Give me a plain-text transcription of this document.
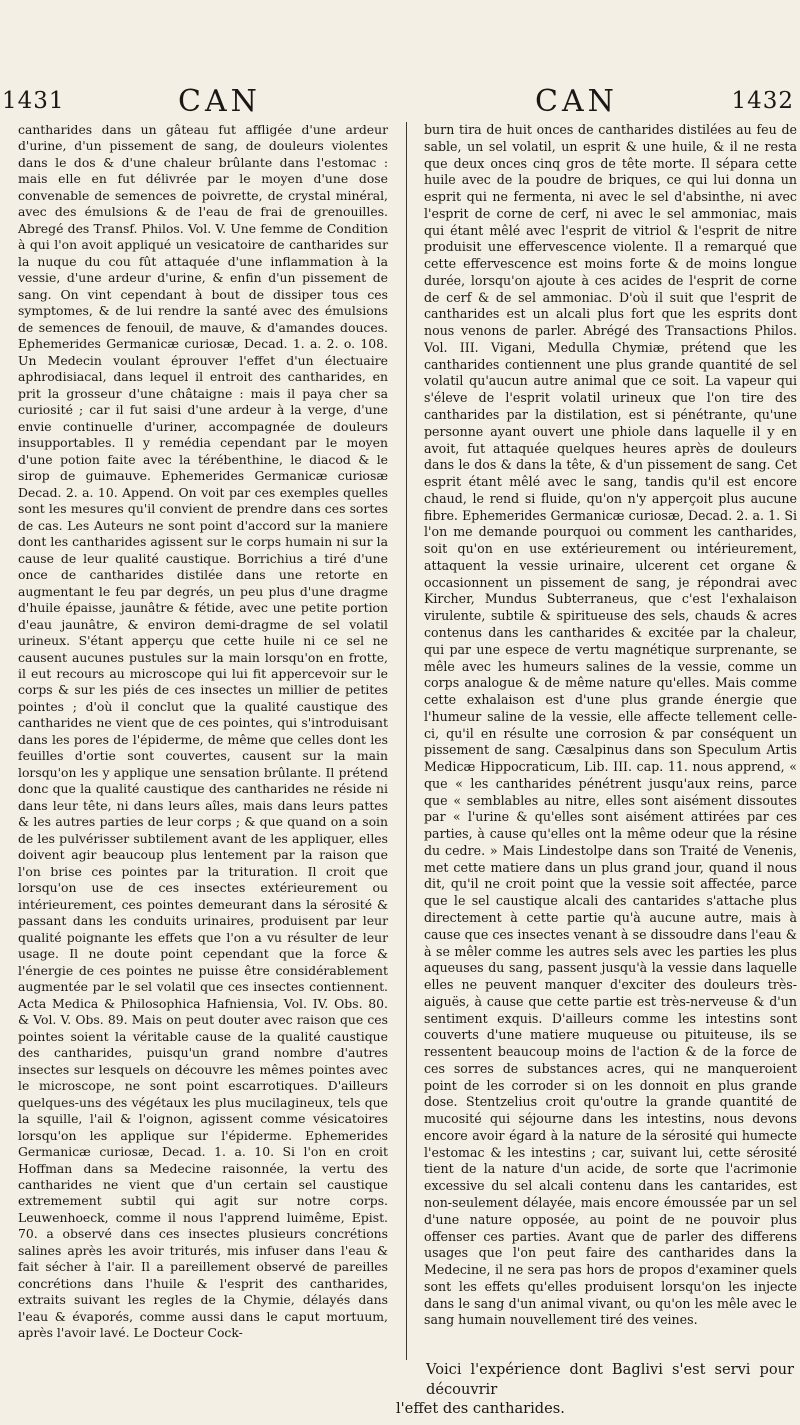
1431	CAN	CAN	1432

cantharides dans un gâteau fut affligée d'une ardeur d'urine, d'un pissement de sang, de douleurs violentes dans le dos & d'une chaleur brûlante dans l'estomac : mais elle en fut délivrée par le moyen d'une dose convenable de semences de poivrette, de crystal minéral, avec des émulsions & de l'eau de frai de grenouilles. Abregé des Transf. Philos. Vol. V. Une femme de Condition à qui l'on avoit appliqué un vesicatoire de cantharides sur la nuque du cou fût attaquée d'une inflammation à la vessie, d'une ardeur d'urine, & enfin d'un pissement de sang. On vint cependant à bout de dissiper tous ces symptomes, & de lui rendre la santé avec des émulsions de semences de fenouil, de mauve, & d'amandes douces. Ephemerides Germanicæ curiosæ, Decad. 1. a. 2. o. 108. Un Medecin voulant éprouver l'effet d'un électuaire aphrodisiacal, dans lequel il entroit des cantharides, en prit la grosseur d'une châtaigne : mais il paya cher sa curiosité ; car il fut saisi d'une ardeur à la verge, d'une envie continuelle d'uriner, accompagnée de douleurs insupportables. Il y remédia cependant par le moyen d'une potion faite avec la térébenthine, le diacod & le sirop de guimauve. Ephemerides Germanicæ curiosæ Decad. 2. a. 10. Append. On voit par ces exemples quelles sont les mesures qu'il convient de prendre dans ces sortes de cas. Les Auteurs ne sont point d'accord sur la maniere dont les cantharides agissent sur le corps humain ni sur la cause de leur qualité caustique. Borrichius a tiré d'une once de cantharides distilée dans une retorte en augmentant le feu par degrés, un peu plus d'une dragme d'huile épaisse, jaunâtre & fétide, avec une petite portion d'eau jaunâtre, & environ demi-dragme de sel volatil urineux. S'étant apperçu que cette huile ni ce sel ne causent aucunes pustules sur la main lorsqu'on en frotte, il eut recours au microscope qui lui fit appercevoir sur le corps & sur les piés de ces insectes un millier de petites pointes ; d'où il conclut que la qualité caustique des cantharides ne vient que de ces pointes, qui s'introduisant dans les pores de l'épiderme, de même que celles dont les feuilles d'ortie sont couvertes, causent sur la main lorsqu'on les y applique une sensation brûlante. Il prétend donc que la qualité caustique des cantharides ne réside ni dans leur tête, ni dans leurs aîles, mais dans leurs pattes & les autres parties de leur corps ; & que quand on a soin de les pulvérisser subtilement avant de les appliquer, elles doivent agir beaucoup plus lentement par la raison que l'on brise ces pointes par la trituration. Il croit que lorsqu'on use de ces insectes extérieurement ou intérieurement, ces pointes demeurant dans la sérosité & passant dans les conduits urinaires, produisent par leur qualité poignante les effets que l'on a vu résulter de leur usage. Il ne doute point cependant que la force & l'énergie de ces pointes ne puisse être considérablement augmentée par le sel volatil que ces insectes contiennent. Acta Medica & Philosophica Hafniensia, Vol. IV. Obs. 80. & Vol. V. Obs. 89. Mais on peut douter avec raison que ces pointes soient la véritable cause de la qualité caustique des cantharides, puisqu'un grand nombre d'autres insectes sur lesquels on découvre les mêmes pointes avec le microscope, ne sont point escarrotiques. D'ailleurs quelques-uns des végétaux les plus mucilagineux, tels que la squille, l'ail & l'oignon, agissent comme vésicatoires lorsqu'on les applique sur l'épiderme. Ephemerides Germanicæ curiosæ, Decad. 1. a. 10. Si l'on en croit Hoffman dans sa Medecine raisonnée, la vertu des cantharides ne vient que d'un certain sel caustique extremement subtil qui agit sur notre corps. Leuwenhoeck, comme il nous l'apprend luimême, Epist. 70. a observé dans ces insectes plusieurs concrétions salines après les avoir triturés, mis infuser dans l'eau & fait sécher à l'air. Il a pareillement observé de pareilles concrétions dans l'huile & l'esprit des cantharides, extraits suivant les regles de la Chymie, délayés dans l'eau & évaporés, comme aussi dans le caput mortuum, après l'avoir lavé. Le Docteur Cock-

burn tira de huit onces de cantharides distilées au feu de sable, un sel volatil, un esprit & une huile, & il ne resta que deux onces cinq gros de tête morte. Il sépara cette huile avec de la poudre de briques, ce qui lui donna un esprit qui ne fermenta, ni avec le sel d'absinthe, ni avec l'esprit de corne de cerf, ni avec le sel ammoniac, mais qui étant mêlé avec l'esprit de vitriol & l'esprit de nitre produisit une effervescence violente. Il a remarqué que cette effervescence est moins forte & de moins longue durée, lorsqu'on ajoute à ces acides de l'esprit de corne de cerf & de sel ammoniac. D'où il suit que l'esprit de cantharides est un alcali plus fort que les esprits dont nous venons de parler. Abrégé des Transactions Philos. Vol. III. Vigani, Medulla Chymiæ, prétend que les cantharides contiennent une plus grande quantité de sel volatil qu'aucun autre animal que ce soit. La vapeur qui s'éleve de l'esprit volatil urineux que l'on tire des cantharides par la distilation, est si pénétrante, qu'une personne ayant ouvert une phiole dans laquelle il y en avoit, fut attaquée quelques heures après de douleurs dans le dos & dans la tête, & d'un pissement de sang. Cet esprit étant mêlé avec le sang, tandis qu'il est encore chaud, le rend si fluide, qu'on n'y apperçoit plus aucune fibre. Ephemerides Germanicæ curiosæ, Decad. 2. a. 1. Si l'on me demande pourquoi ou comment les cantharides, soit qu'on en use extérieurement ou intérieurement, attaquent la vessie urinaire, ulcerent cet organe & occasionnent un pissement de sang, je répondrai avec Kircher, Mundus Subterraneus, que c'est l'exhalaison virulente, subtile & spiritueuse des sels, chauds & acres contenus dans les cantharides & excitée par la chaleur, qui par une espece de vertu magnétique surprenante, se mêle avec les humeurs salines de la vessie, comme un corps analogue & de même nature qu'elles. Mais comme cette exhalaison est d'une plus grande énergie que l'humeur saline de la vessie, elle affecte tellement celle-ci, qu'il en résulte une corrosion & par conséquent un pissement de sang. Cæsalpinus dans son Speculum Artis Medicæ Hippocraticum, Lib. III. cap. 11. nous apprend, « que « les cantharides pénétrent jusqu'aux reins, parce que « semblables au nitre, elles sont aisément dissoutes par « l'urine & qu'elles sont aisément attirées par ces parties, à cause qu'elles ont la même odeur que la résine du cedre. » Mais Lindestolpe dans son Traité de Venenis, met cette matiere dans un plus grand jour, quand il nous dit, qu'il ne croit point que la vessie soit affectée, parce que le sel caustique alcali des cantarides s'attache plus directement à cette partie qu'à aucune autre, mais à cause que ces insectes venant à se dissoudre dans l'eau & à se mêler comme les autres sels avec les parties les plus aqueuses du sang, passent jusqu'à la vessie dans laquelle elles ne peuvent manquer d'exciter des douleurs très-aiguës, à cause que cette partie est très-nerveuse & d'un sentiment exquis. D'ailleurs comme les intestins sont couverts d'une matiere muqueuse ou pituiteuse, ils se ressentent beaucoup moins de l'action & de la force de ces sorres de substances acres, qui ne manqueroient point de les corroder si on les donnoit en plus grande dose. Stentzelius croit qu'outre la grande quantité de mucosité qui séjourne dans les intestins, nous devons encore avoir égard à la nature de la sérosité qui humecte l'estomac & les intestins ; car, suivant lui, cette sérosité tient de la nature d'un acide, de sorte que l'acrimonie excessive du sel alcali contenu dans les cantarides, est non-seulement délayée, mais encore émoussée par un sel d'une nature opposée, au point de ne pouvoir plus offenser ces parties. Avant que de parler des differens usages que l'on peut faire des cantharides dans la Medecine, il ne sera pas hors de propos d'examiner quels sont les effets qu'elles produisent lorsqu'on les injecte dans le sang d'un animal vivant, ou qu'on les mêle avec le sang humain nouvellement tiré des veines.

Voici l'expérience dont Baglivi s'est servi pour découvrir
l'effet des cantharides.
